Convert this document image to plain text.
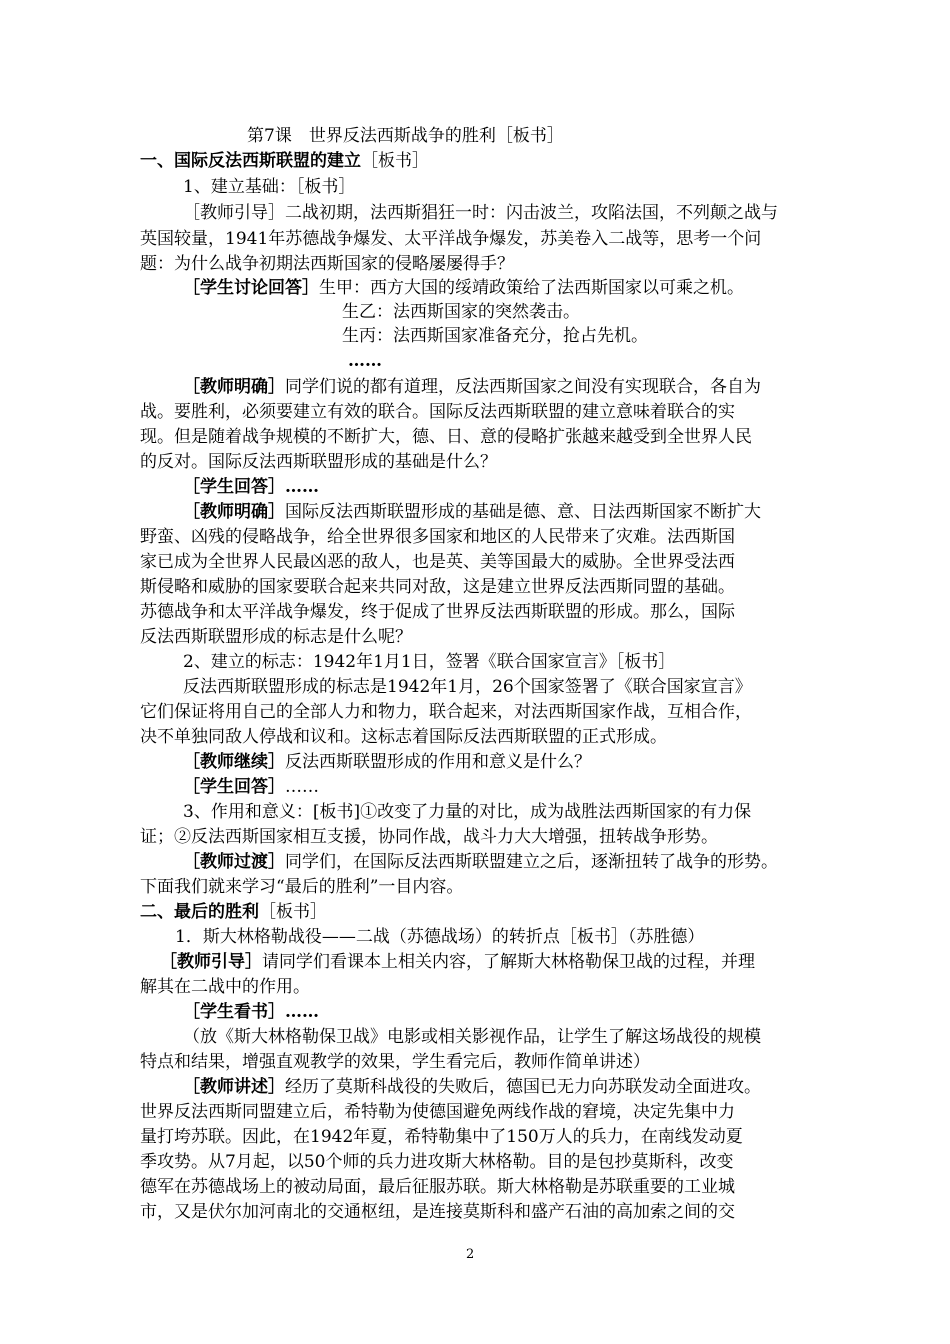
第7课　世界反法西斯战争的胜利［板书］
一、国际反法西斯联盟的建立［板书］
1、建立基础：［板书］
［教师引导］二战初期，法西斯猖狂一时：闪击波兰，攻陷法国，不列颠之战与
英国较量，1941年苏德战争爆发、太平洋战争爆发，苏美卷入二战等，思考一个问
题：为什么战争初期法西斯国家的侵略屡屡得手？
［学生讨论回答］生甲：西方大国的绥靖政策给了法西斯国家以可乘之机。
生乙：法西斯国家的突然袭击。
生丙：法西斯国家准备充分，抢占先机。
……
［教师明确］同学们说的都有道理，反法西斯国家之间没有实现联合，各自为
战。要胜利，必须要建立有效的联合。国际反法西斯联盟的建立意味着联合的实
现。但是随着战争规模的不断扩大，德、日、意的侵略扩张越来越受到全世界人民
的反对。国际反法西斯联盟形成的基础是什么？
［学生回答］……
［教师明确］国际反法西斯联盟形成的基础是德、意、日法西斯国家不断扩大
野蛮、凶残的侵略战争，给全世界很多国家和地区的人民带来了灾难。法西斯国
家已成为全世界人民最凶恶的敌人，也是英、美等国最大的威胁。全世界受法西
斯侵略和威胁的国家要联合起来共同对敌，这是建立世界反法西斯同盟的基础。
苏德战争和太平洋战争爆发，终于促成了世界反法西斯联盟的形成。那么，国际
反法西斯联盟形成的标志是什么呢？
2、建立的标志：1942年1月1日，签署《联合国家宣言》［板书］
反法西斯联盟形成的标志是1942年1月，26个国家签署了《联合国家宣言》
它们保证将用自己的全部人力和物力，联合起来，对法西斯国家作战，互相合作，
决不单独同敌人停战和议和。这标志着国际反法西斯联盟的正式形成。
［教师继续］反法西斯联盟形成的作用和意义是什么？
［学生回答］……
3、作用和意义：[板书]①改变了力量的对比，成为战胜法西斯国家的有力保
证；②反法西斯国家相互支援，协同作战，战斗力大大增强，扭转战争形势。
［教师过渡］同学们，在国际反法西斯联盟建立之后，逐渐扭转了战争的形势。
下面我们就来学习“最后的胜利”一目内容。
二、最后的胜利［板书］
1．斯大林格勒战役——二战（苏德战场）的转折点［板书］（苏胜德）
［教师引导］请同学们看课本上相关内容，了解斯大林格勒保卫战的过程，并理
解其在二战中的作用。
［学生看书］……
（放《斯大林格勒保卫战》电影或相关影视作品，让学生了解这场战役的规模
特点和结果，增强直观教学的效果，学生看完后，教师作简单讲述）
［教师讲述］经历了莫斯科战役的失败后，德国已无力向苏联发动全面进攻。
世界反法西斯同盟建立后，希特勒为使德国避免两线作战的窘境，决定先集中力
量打垮苏联。因此，在1942年夏，希特勒集中了150万人的兵力，在南线发动夏
季攻势。从7月起，以50个师的兵力进攻斯大林格勒。目的是包抄莫斯科，改变
德军在苏德战场上的被动局面，最后征服苏联。斯大林格勒是苏联重要的工业城
市，又是伏尔加河南北的交通枢纽，是连接莫斯科和盛产石油的高加索之间的交
2
